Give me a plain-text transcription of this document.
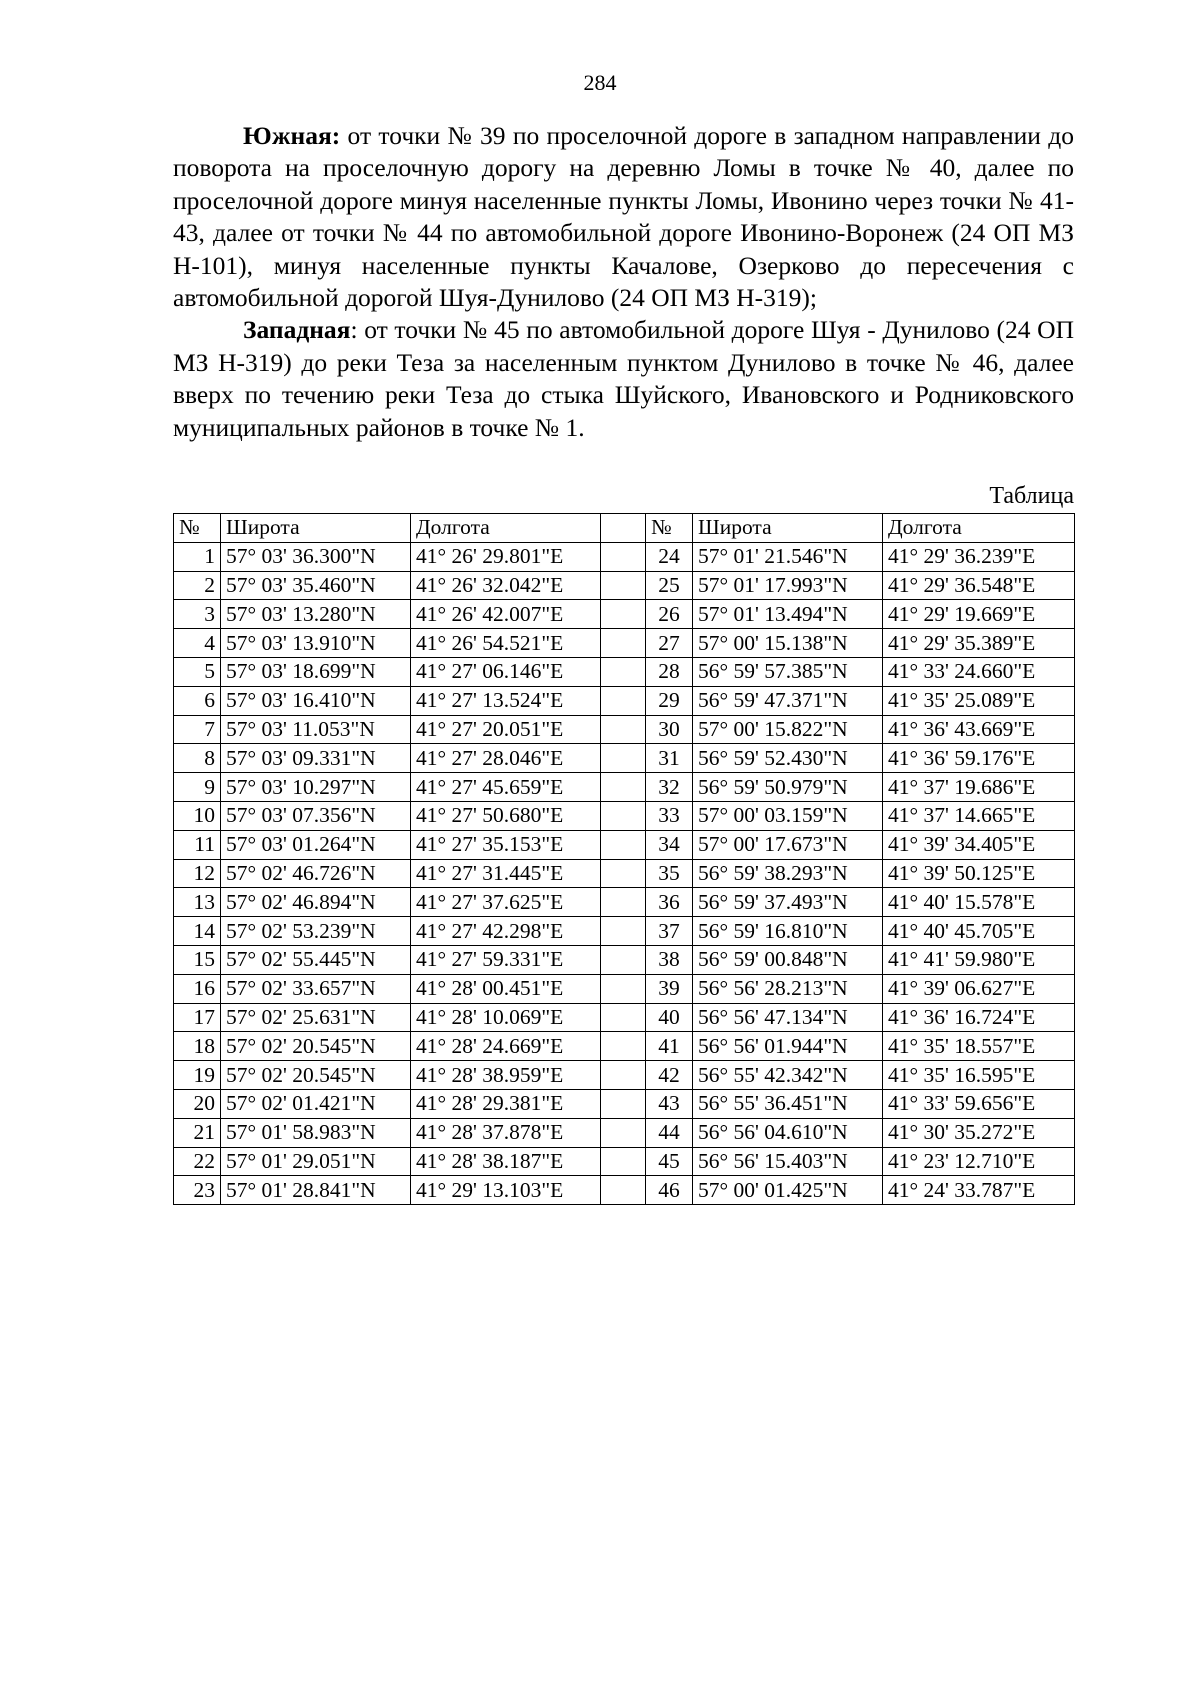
284

Южная: от точки № 39 по проселочной дороге в западном направлении до поворота на проселочную дорогу на деревню Ломы в точке № 40, далее по проселочной дороге минуя населенные пункты Ломы, Ивонино через точки № 41-43, далее от точки № 44 по автомобильной дороге Ивонино-Воронеж (24 ОП МЗ Н-101), минуя населенные пункты Качалове, Озерково до пересечения с автомобильной дорогой Шуя-Дунилово (24 ОП МЗ Н-319);

Западная: от точки № 45 по автомобильной дороге Шуя - Дунилово (24 ОП МЗ Н-319) до реки Теза за населенным пунктом Дунилово в точке № 46, далее вверх по течению реки Теза до стыка Шуйского, Ивановского и Родниковского муниципальных районов в точке № 1.

Таблица
№	Широта	Долгота		№	Широта	Долгота
1	57° 03' 36.300"N	41° 26' 29.801"E		24	57° 01' 21.546"N	41° 29' 36.239"E
2	57° 03' 35.460"N	41° 26' 32.042"E		25	57° 01' 17.993"N	41° 29' 36.548"E
3	57° 03' 13.280"N	41° 26' 42.007"E		26	57° 01' 13.494"N	41° 29' 19.669"E
4	57° 03' 13.910"N	41° 26' 54.521"E		27	57° 00' 15.138"N	41° 29' 35.389"E
5	57° 03' 18.699"N	41° 27' 06.146"E		28	56° 59' 57.385"N	41° 33' 24.660"E
6	57° 03' 16.410"N	41° 27' 13.524"E		29	56° 59' 47.371"N	41° 35' 25.089"E
7	57° 03' 11.053"N	41° 27' 20.051"E		30	57° 00' 15.822"N	41° 36' 43.669"E
8	57° 03' 09.331"N	41° 27' 28.046"E		31	56° 59' 52.430"N	41° 36' 59.176"E
9	57° 03' 10.297"N	41° 27' 45.659"E		32	56° 59' 50.979"N	41° 37' 19.686"E
10	57° 03' 07.356"N	41° 27' 50.680"E		33	57° 00' 03.159"N	41° 37' 14.665"E
11	57° 03' 01.264"N	41° 27' 35.153"E		34	57° 00' 17.673"N	41° 39' 34.405"E
12	57° 02' 46.726"N	41° 27' 31.445"E		35	56° 59' 38.293"N	41° 39' 50.125"E
13	57° 02' 46.894"N	41° 27' 37.625"E		36	56° 59' 37.493"N	41° 40' 15.578"E
14	57° 02' 53.239"N	41° 27' 42.298"E		37	56° 59' 16.810"N	41° 40' 45.705"E
15	57° 02' 55.445"N	41° 27' 59.331"E		38	56° 59' 00.848"N	41° 41' 59.980"E
16	57° 02' 33.657"N	41° 28' 00.451"E		39	56° 56' 28.213"N	41° 39' 06.627"E
17	57° 02' 25.631"N	41° 28' 10.069"E		40	56° 56' 47.134"N	41° 36' 16.724"E
18	57° 02' 20.545"N	41° 28' 24.669"E		41	56° 56' 01.944"N	41° 35' 18.557"E
19	57° 02' 20.545"N	41° 28' 38.959"E		42	56° 55' 42.342"N	41° 35' 16.595"E
20	57° 02' 01.421"N	41° 28' 29.381"E		43	56° 55' 36.451"N	41° 33' 59.656"E
21	57° 01' 58.983"N	41° 28' 37.878"E		44	56° 56' 04.610"N	41° 30' 35.272"E
22	57° 01' 29.051"N	41° 28' 38.187"E		45	56° 56' 15.403"N	41° 23' 12.710"E
23	57° 01' 28.841"N	41° 29' 13.103"E		46	57° 00' 01.425"N	41° 24' 33.787"E
